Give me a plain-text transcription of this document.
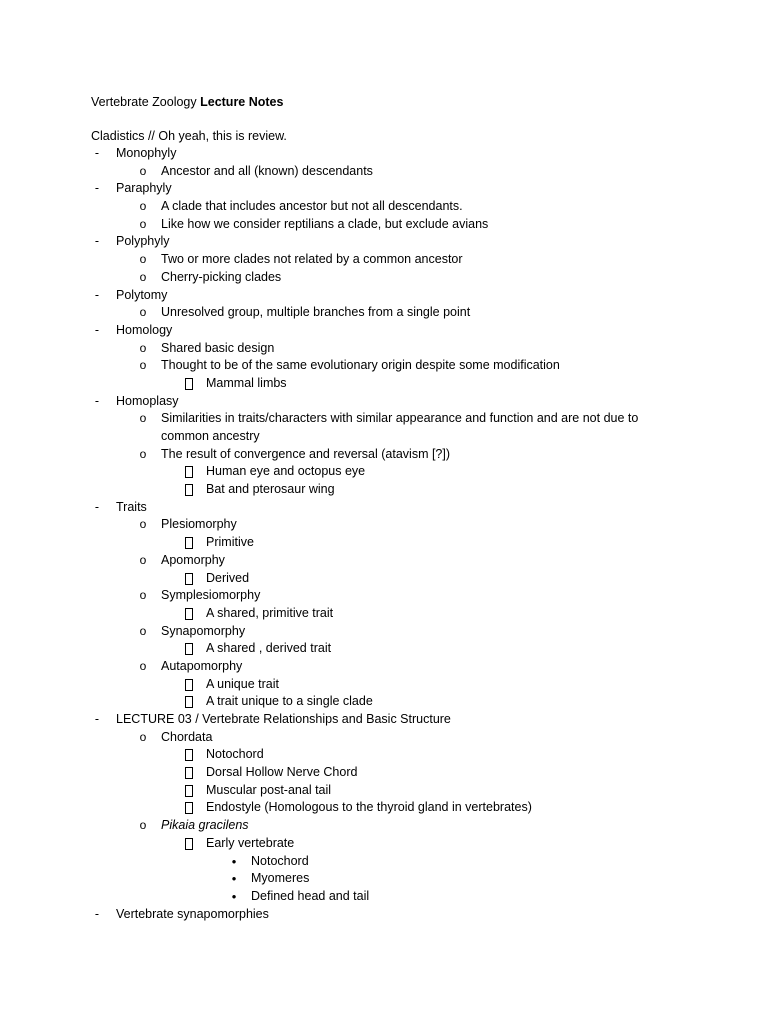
Vertebrate Zoology Lecture Notes
Cladistics // Oh yeah, this is review.
-	Monophyly
o Ancestor and all (known) descendants
-	Paraphyly
o A clade that includes ancestor but not all descendants.
o Like how we consider reptilians a clade, but exclude avians
-	Polyphyly
o Two or more clades not related by a common ancestor
o Cherry-picking clades
-	Polytomy
o Unresolved group, multiple branches from a single point
-	Homology
o Shared basic design
o Thought to be of the same evolutionary origin despite some modification
Mammal limbs
-	Homoplasy
o Similarities in traits/characters with similar appearance and function and are not due to common ancestry
o The result of convergence and reversal (atavism [?])
Human eye and octopus eye
Bat and pterosaur wing
-	Traits
o Plesiomorphy
Primitive
o Apomorphy
Derived
o Symplesiomorphy
A shared, primitive trait
o Synapomorphy
A shared , derived trait
o Autapomorphy
A unique trait
A trait unique to a single clade
-	LECTURE 03 / Vertebrate Relationships and Basic Structure
o Chordata
Notochord
Dorsal Hollow Nerve Chord
Muscular post-anal tail
Endostyle (Homologous to the thyroid gland in vertebrates)
o Pikaia gracilens
Early vertebrate
•	Notochord
•	Myomeres
•	Defined head and tail
-	Vertebrate synapomorphies
